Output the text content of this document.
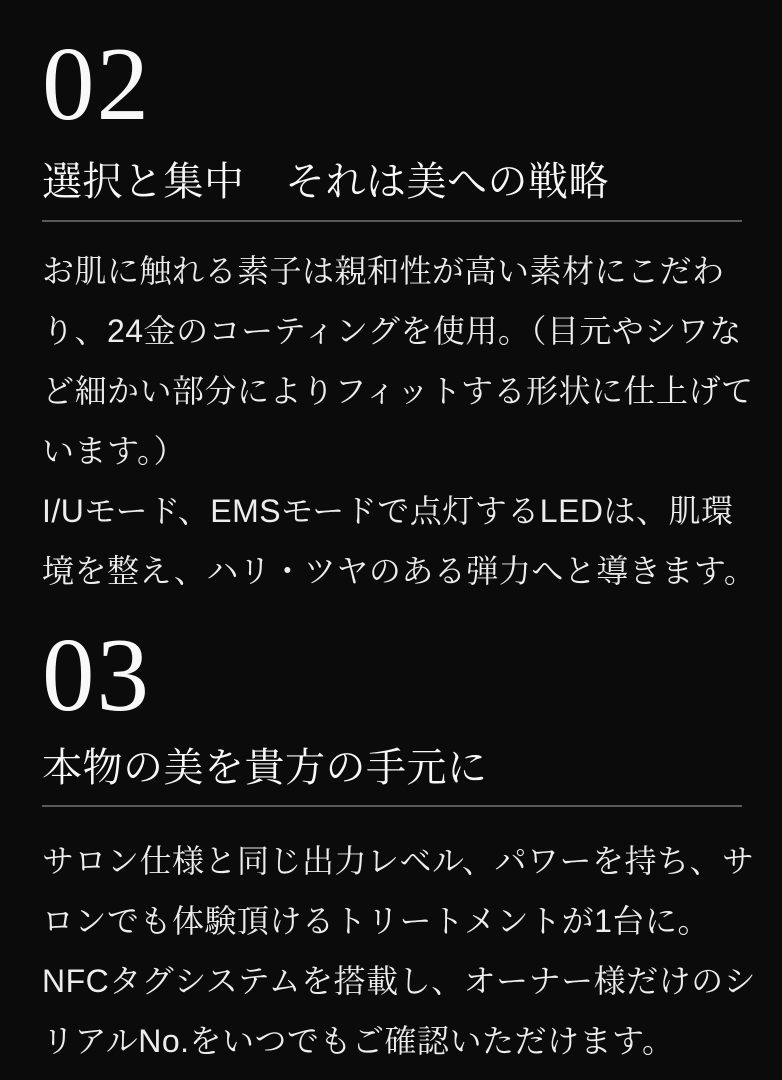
02
選択と集中　それは美への戦略
お肌に触れる素子は親和性が高い素材にこだわ
り、24金のコーティングを使用。（目元やシワな
ど細かい部分によりフィットする形状に仕上げて
います。）
I/Uモード、EMSモードで点灯するLEDは、肌環
境を整え、ハリ・ツヤのある弾力へと導きます。
03
本物の美を貴方の手元に
サロン仕様と同じ出力レベル、パワーを持ち、サ
ロンでも体験頂けるトリートメントが1台に。
NFCタグシステムを搭載し、オーナー様だけのシ
リアルNo.をいつでもご確認いただけます。
